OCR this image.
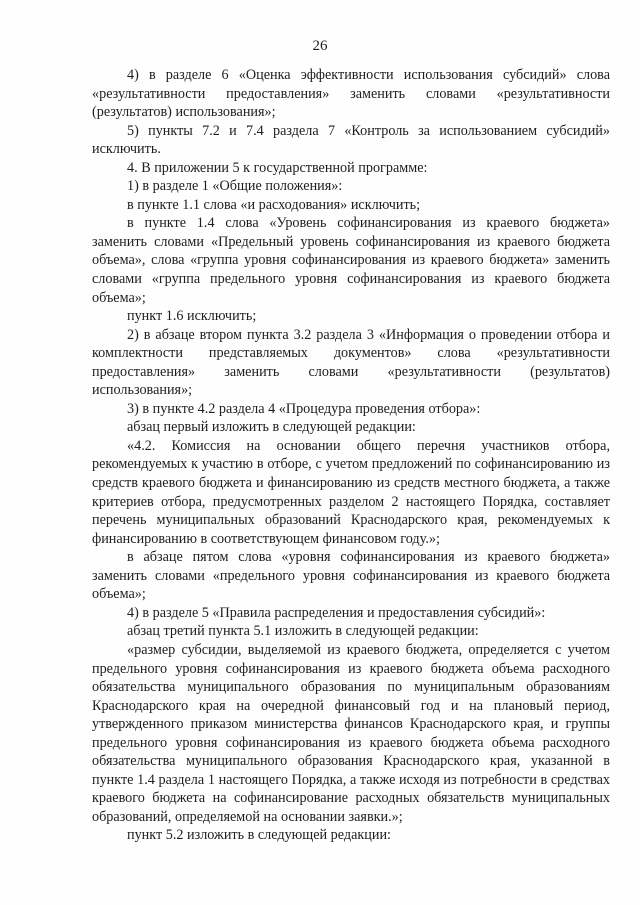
26

4) в разделе 6 «Оценка эффективности использования субсидий» слова «результативности предоставления» заменить словами «результативности (результатов) использования»;

5) пункты 7.2 и 7.4 раздела 7 «Контроль за использованием субсидий» исключить.

4. В приложении 5 к государственной программе:

1) в разделе 1 «Общие положения»:

в пункте 1.1 слова «и расходования» исключить;

в пункте 1.4 слова «Уровень софинансирования из краевого бюджета» заменить словами «Предельный уровень софинансирования из краевого бюджета объема», слова «группа уровня софинансирования из краевого бюджета» заменить словами «группа предельного уровня софинансирования из краевого бюджета объема»;

пункт 1.6 исключить;

2) в абзаце втором пункта 3.2 раздела 3 «Информация о проведении отбора и комплектности представляемых документов» слова «результативности предоставления» заменить словами «результативности (результатов) использования»;

3) в пункте 4.2 раздела 4 «Процедура проведения отбора»:

абзац первый изложить в следующей редакции:

«4.2. Комиссия на основании общего перечня участников отбора, рекомендуемых к участию в отборе, с учетом предложений по софинансированию из средств краевого бюджета и финансированию из средств местного бюджета, а также критериев отбора, предусмотренных разделом 2 настоящего Порядка, составляет перечень муниципальных образований Краснодарского края, рекомендуемых к финансированию в соответствующем финансовом году.»;

в абзаце пятом слова «уровня софинансирования из краевого бюджета» заменить словами «предельного уровня софинансирования из краевого бюджета объема»;

4) в разделе 5 «Правила распределения и предоставления субсидий»:

абзац третий пункта 5.1 изложить в следующей редакции:

«размер субсидии, выделяемой из краевого бюджета, определяется с учетом предельного уровня софинансирования из краевого бюджета объема расходного обязательства муниципального образования по муниципальным образованиям Краснодарского края на очередной финансовый год и на плановый период, утвержденного приказом министерства финансов Краснодарского края, и группы предельного уровня софинансирования из краевого бюджета объема расходного обязательства муниципального образования Краснодарского края, указанной в пункте 1.4 раздела 1 настоящего Порядка, а также исходя из потребности в средствах краевого бюджета на софинансирование расходных обязательств муниципальных образований, определяемой на основании заявки.»;

пункт 5.2 изложить в следующей редакции:
